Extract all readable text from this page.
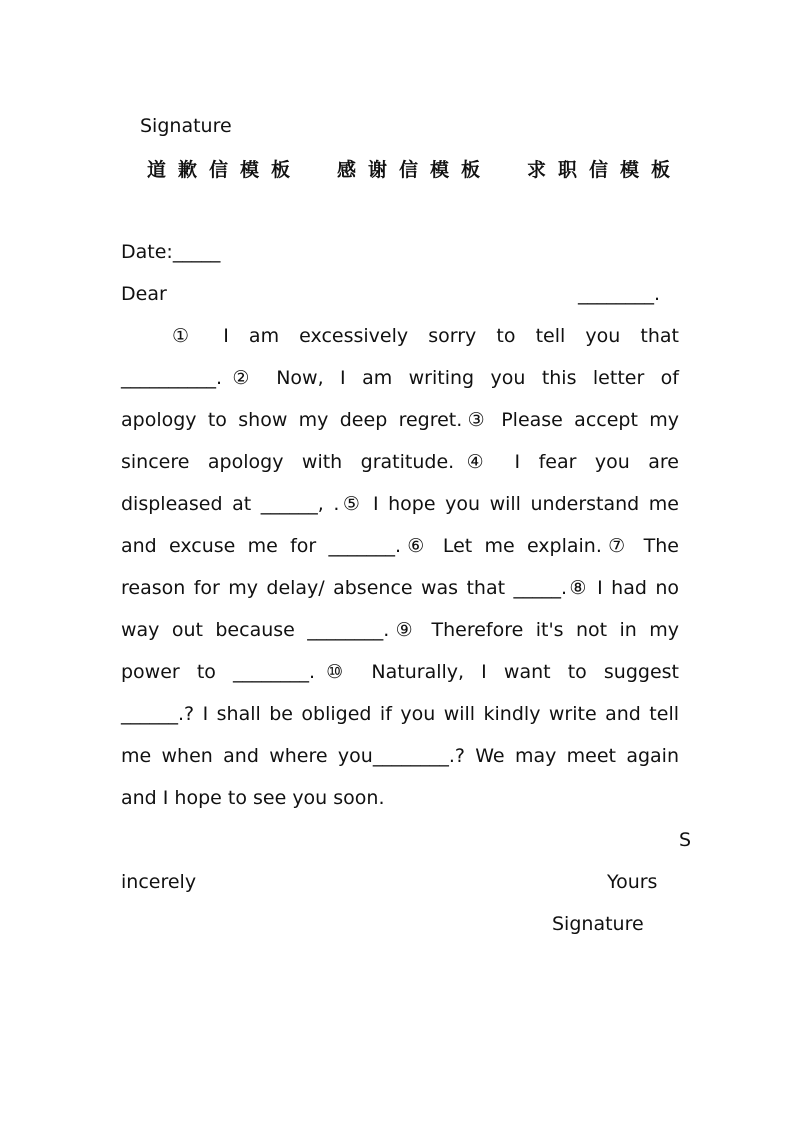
Signature
道歉信模板 感谢信模板 求职信模板
Date:_____
Dear	________.
① I am excessively sorry to tell you that
__________.② Now, I am writing you this letter of
apology to show my deep regret.③ Please accept my
sincere apology with gratitude.④ I fear you are
displeased at ______, .⑤ I hope you will understand me
and excuse me for _______.⑥ Let me explain.⑦ The
reason for my delay/ absence was that _____.⑧ I had no
way out because ________.⑨ Therefore it's not in my
power to ________.⑩ Naturally, I want to suggest
______.? I shall be obliged if you will kindly write and tell
me when and where you________.? We may meet again
and I hope to see you soon.
S
incerely	Yours
Signature
